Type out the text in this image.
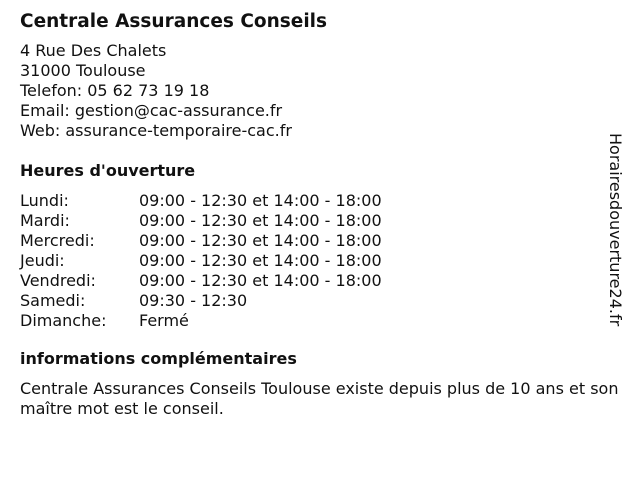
Centrale Assurances Conseils
4 Rue Des Chalets
31000 Toulouse
Telefon: 05 62 73 19 18
Email: gestion@cac-assurance.fr
Web: assurance-temporaire-cac.fr
Heures d'ouverture
Lundi:	09:00 - 12:30 et 14:00 - 18:00
Mardi:	09:00 - 12:30 et 14:00 - 18:00
Mercredi:	09:00 - 12:30 et 14:00 - 18:00
Jeudi:	09:00 - 12:30 et 14:00 - 18:00
Vendredi:	09:00 - 12:30 et 14:00 - 18:00
Samedi:	09:30 - 12:30
Dimanche:	Fermé
informations complémentaires
Centrale Assurances Conseils Toulouse existe depuis plus de 10 ans et son maître mot est le conseil.
Horairesdouverture24.fr
